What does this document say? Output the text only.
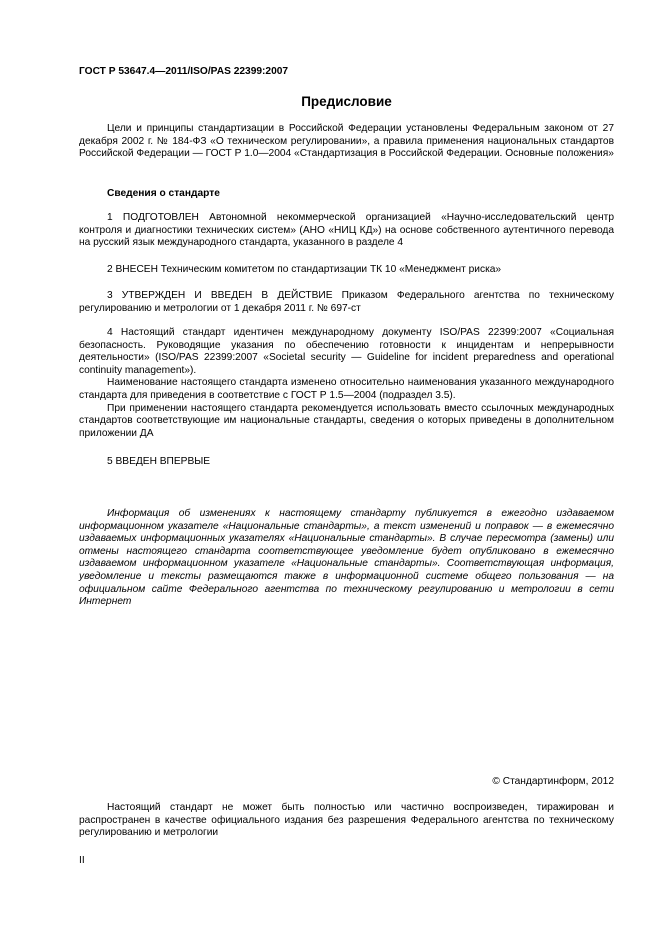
ГОСТ Р 53647.4—2011/ISO/PAS 22399:2007
Предисловие
Цели и принципы стандартизации в Российской Федерации установлены Федеральным законом от 27 декабря 2002 г. № 184-ФЗ «О техническом регулировании», а правила применения национальных стандартов Российской Федерации — ГОСТ Р 1.0—2004 «Стандартизация в Российской Федерации. Основные положения»
Сведения о стандарте
1 ПОДГОТОВЛЕН Автономной некоммерческой организацией «Научно-исследовательский центр контроля и диагностики технических систем» (АНО «НИЦ КД») на основе собственного аутентичного перевода на русский язык международного стандарта, указанного в разделе 4
2 ВНЕСЕН Техническим комитетом по стандартизации ТК 10 «Менеджмент риска»
3 УТВЕРЖДЕН И ВВЕДЕН В ДЕЙСТВИЕ Приказом Федерального агентства по техническому регулированию и метрологии от 1 декабря 2011 г. № 697-ст

4 Настоящий стандарт идентичен международному документу ISO/PAS 22399:2007 «Социальная безопасность. Руководящие указания по обеспечению готовности к инцидентам и непрерывности деятельности» (ISO/PAS 22399:2007 «Societal security — Guideline for incident preparedness and operational continuity management»).

Наименование настоящего стандарта изменено относительно наименования указанного международного стандарта для приведения в соответствие с ГОСТ Р 1.5—2004 (подраздел 3.5).

При применении настоящего стандарта рекомендуется использовать вместо ссылочных международных стандартов соответствующие им национальные стандарты, сведения о которых приведены в дополнительном приложении ДА

5 ВВЕДЕН ВПЕРВЫЕ
Информация об изменениях к настоящему стандарту публикуется в ежегодно издаваемом информационном указателе «Национальные стандарты», а текст изменений и поправок — в ежемесячно издаваемых информационных указателях «Национальные стандарты». В случае пересмотра (замены) или отмены настоящего стандарта соответствующее уведомление будет опубликовано в ежемесячно издаваемом информационном указателе «Национальные стандарты». Соответствующая информация, уведомление и тексты размещаются также в информационной системе общего пользования — на официальном сайте Федерального агентства по техническому регулированию и метрологии в сети Интернет
© Стандартинформ, 2012
Настоящий стандарт не может быть полностью или частично воспроизведен, тиражирован и распространен в качестве официального издания без разрешения Федерального агентства по техническому регулированию и метрологии
II
